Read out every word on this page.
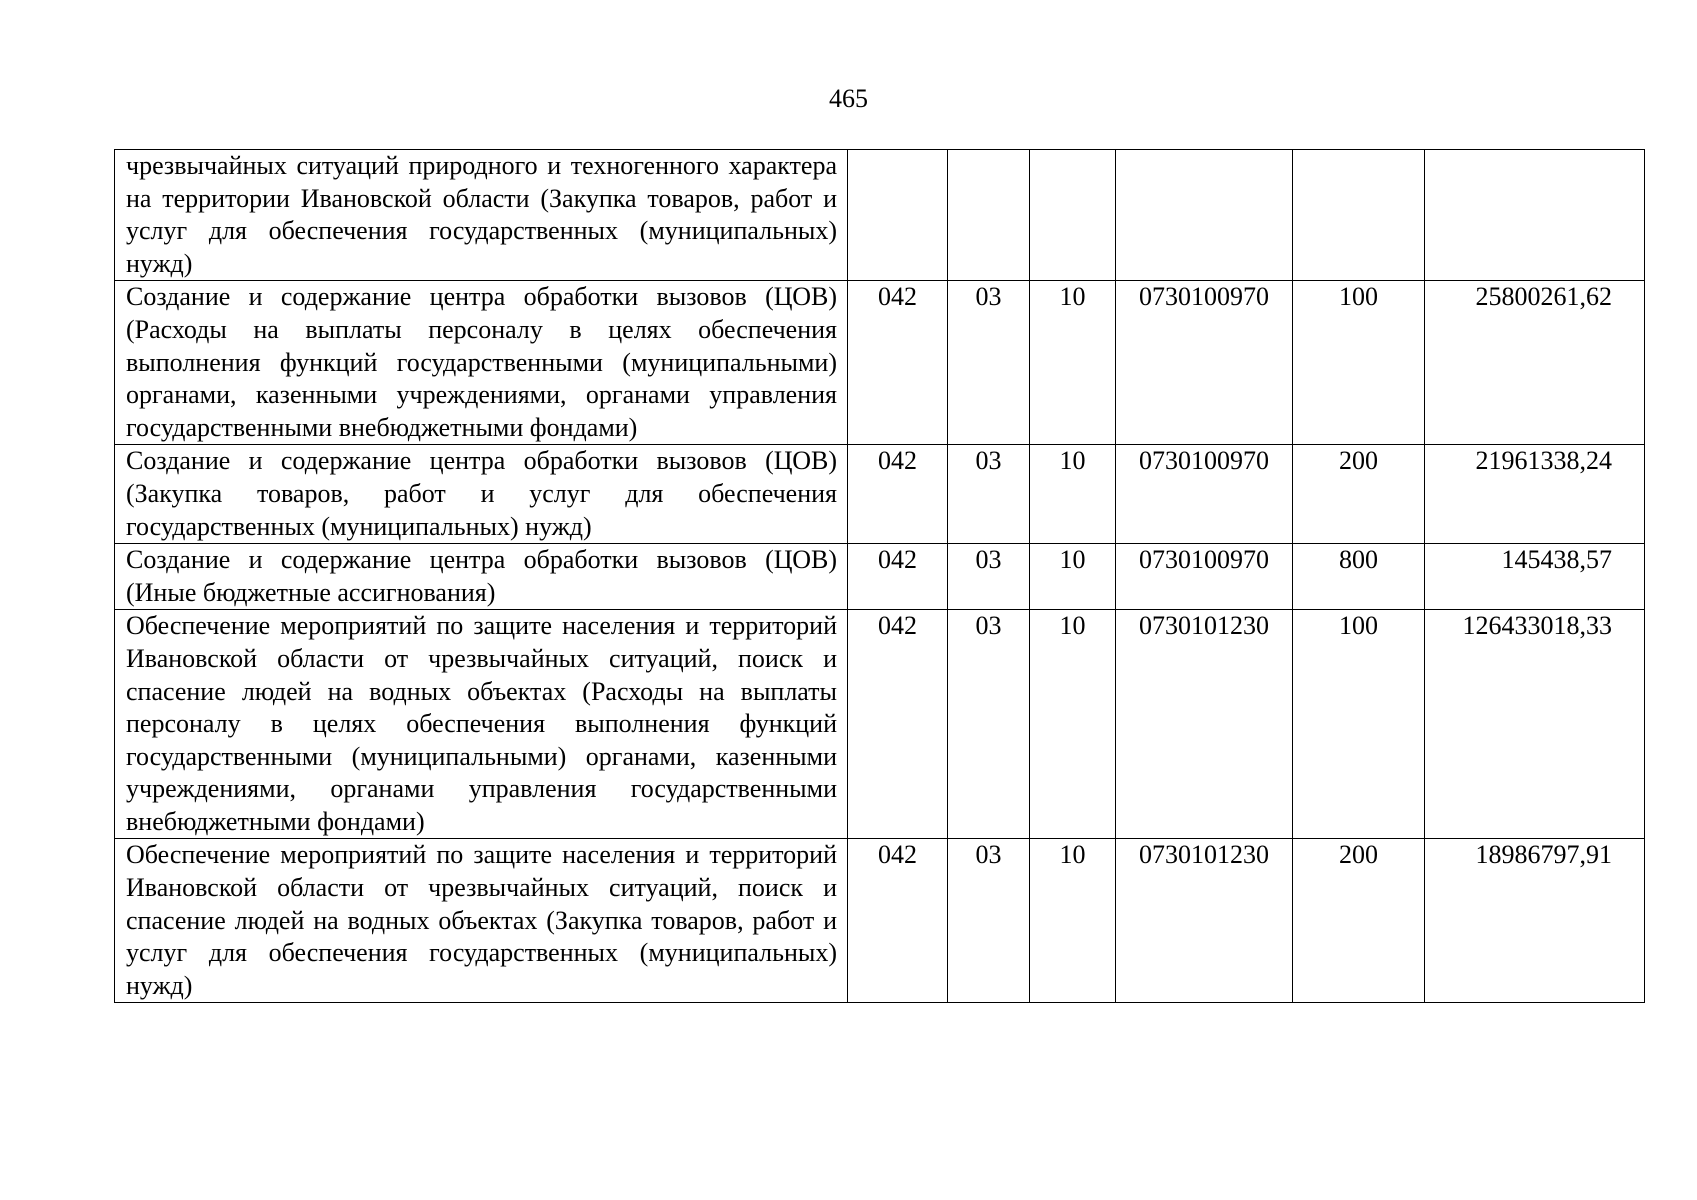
465
чрезвычайных ситуаций природного и техногенного характера на территории Ивановской области (Закупка товаров, работ и услуг для обеспечения государственных (муниципальных) нужд)						
Создание и содержание центра обработки вызовов (ЦОВ) (Расходы на выплаты персоналу в целях обеспечения выполнения функций государственными (муниципальными) органами, казенными учреждениями, органами управления государственными внебюджетными фондами)	042	03	10	0730100970	100	25800261,62
Создание и содержание центра обработки вызовов (ЦОВ) (Закупка товаров, работ и услуг для обеспечения государственных (муниципальных) нужд)	042	03	10	0730100970	200	21961338,24
Создание и содержание центра обработки вызовов (ЦОВ) (Иные бюджетные ассигнования)	042	03	10	0730100970	800	145438,57
Обеспечение мероприятий по защите населения и территорий Ивановской области от чрезвычайных ситуаций, поиск и спасение людей на водных объектах (Расходы на выплаты персоналу в целях обеспечения выполнения функций государственными (муниципальными) органами, казенными учреждениями, органами управления государственными внебюджетными фондами)	042	03	10	0730101230	100	126433018,33
Обеспечение мероприятий по защите населения и территорий Ивановской области от чрезвычайных ситуаций, поиск и спасение людей на водных объектах (Закупка товаров, работ и услуг для обеспечения государственных (муниципальных) нужд)	042	03	10	0730101230	200	18986797,91
